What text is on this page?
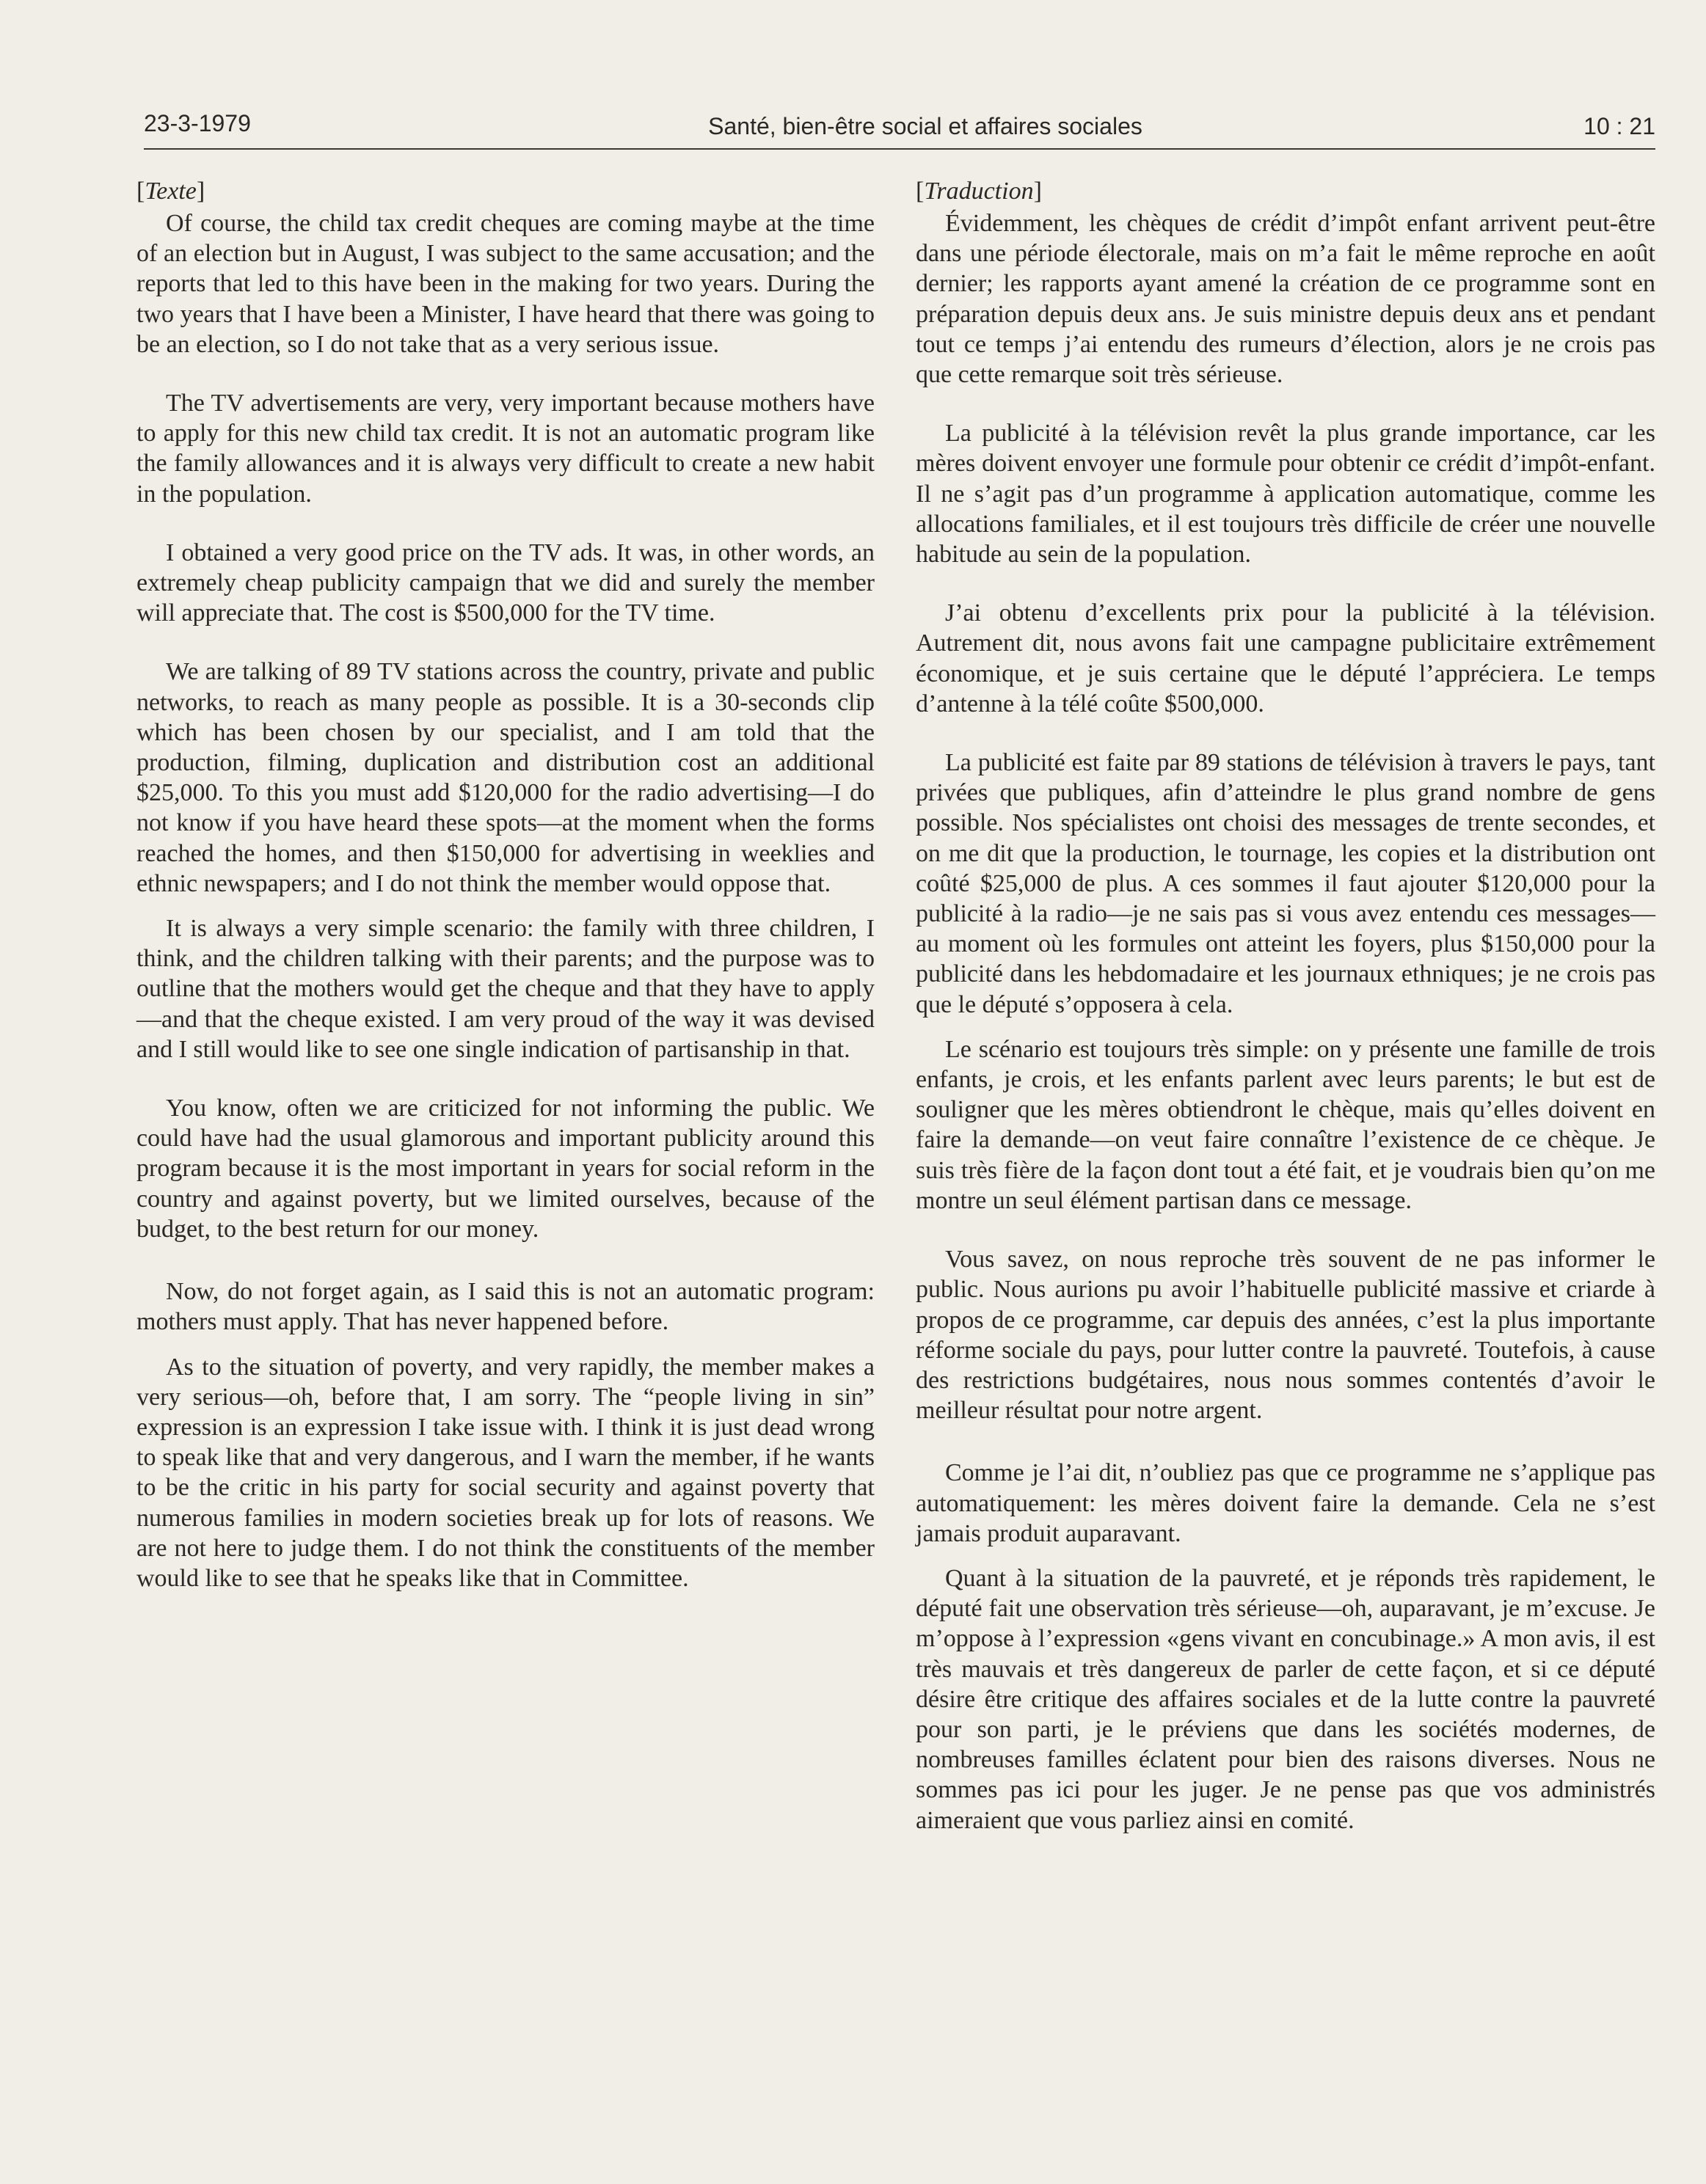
23-3-1979	Santé, bien-être social et affaires sociales	10 : 21
[Texte]

Of course, the child tax credit cheques are coming maybe at the time of an election but in August, I was subject to the same accusation; and the reports that led to this have been in the making for two years. During the two years that I have been a Minister, I have heard that there was going to be an election, so I do not take that as a very serious issue.

The TV advertisements are very, very important because mothers have to apply for this new child tax credit. It is not an automatic program like the family allowances and it is always very difficult to create a new habit in the population.

I obtained a very good price on the TV ads. It was, in other words, an extremely cheap publicity campaign that we did and surely the member will appreciate that. The cost is $500,000 for the TV time.

We are talking of 89 TV stations across the country, private and public networks, to reach as many people as possible. It is a 30-seconds clip which has been chosen by our specialist, and I am told that the production, filming, duplication and distribution cost an additional $25,000. To this you must add $120,000 for the radio advertising—I do not know if you have heard these spots—at the moment when the forms reached the homes, and then $150,000 for advertising in weeklies and ethnic newspapers; and I do not think the member would oppose that.

It is always a very simple scenario: the family with three children, I think, and the children talking with their parents; and the purpose was to outline that the mothers would get the cheque and that they have to apply—and that the cheque existed. I am very proud of the way it was devised and I still would like to see one single indication of partisanship in that.

You know, often we are criticized for not informing the public. We could have had the usual glamorous and important publicity around this program because it is the most important in years for social reform in the country and against poverty, but we limited ourselves, because of the budget, to the best return for our money.

Now, do not forget again, as I said this is not an automatic program: mothers must apply. That has never happened before.

As to the situation of poverty, and very rapidly, the member makes a very serious—oh, before that, I am sorry. The “people living in sin” expression is an expression I take issue with. I think it is just dead wrong to speak like that and very dangerous, and I warn the member, if he wants to be the critic in his party for social security and against poverty that numerous families in modern societies break up for lots of reasons. We are not here to judge them. I do not think the constituents of the member would like to see that he speaks like that in Committee.

[Traduction]

Évidemment, les chèques de crédit d’impôt enfant arrivent peut-être dans une période électorale, mais on m’a fait le même reproche en août dernier; les rapports ayant amené la création de ce programme sont en préparation depuis deux ans. Je suis ministre depuis deux ans et pendant tout ce temps j’ai entendu des rumeurs d’élection, alors je ne crois pas que cette remarque soit très sérieuse.

La publicité à la télévision revêt la plus grande importance, car les mères doivent envoyer une formule pour obtenir ce crédit d’impôt-enfant. Il ne s’agit pas d’un programme à application automatique, comme les allocations familiales, et il est toujours très difficile de créer une nouvelle habitude au sein de la population.

J’ai obtenu d’excellents prix pour la publicité à la télévision. Autrement dit, nous avons fait une campagne publicitaire extrêmement économique, et je suis certaine que le député l’appréciera. Le temps d’antenne à la télé coûte $500,000.

La publicité est faite par 89 stations de télévision à travers le pays, tant privées que publiques, afin d’atteindre le plus grand nombre de gens possible. Nos spécialistes ont choisi des messages de trente secondes, et on me dit que la production, le tournage, les copies et la distribution ont coûté $25,000 de plus. A ces sommes il faut ajouter $120,000 pour la publicité à la radio—je ne sais pas si vous avez entendu ces messages—au moment où les formules ont atteint les foyers, plus $150,000 pour la publicité dans les hebdomadaire et les journaux ethniques; je ne crois pas que le député s’opposera à cela.

Le scénario est toujours très simple: on y présente une famille de trois enfants, je crois, et les enfants parlent avec leurs parents; le but est de souligner que les mères obtiendront le chèque, mais qu’elles doivent en faire la demande—on veut faire connaître l’existence de ce chèque. Je suis très fière de la façon dont tout a été fait, et je voudrais bien qu’on me montre un seul élément partisan dans ce message.

Vous savez, on nous reproche très souvent de ne pas informer le public. Nous aurions pu avoir l’habituelle publicité massive et criarde à propos de ce programme, car depuis des années, c’est la plus importante réforme sociale du pays, pour lutter contre la pauvreté. Toutefois, à cause des restrictions budgétaires, nous nous sommes contentés d’avoir le meilleur résultat pour notre argent.

Comme je l’ai dit, n’oubliez pas que ce programme ne s’applique pas automatiquement: les mères doivent faire la demande. Cela ne s’est jamais produit auparavant.

Quant à la situation de la pauvreté, et je réponds très rapidement, le député fait une observation très sérieuse—oh, auparavant, je m’excuse. Je m’oppose à l’expression «gens vivant en concubinage.» A mon avis, il est très mauvais et très dangereux de parler de cette façon, et si ce député désire être critique des affaires sociales et de la lutte contre la pauvreté pour son parti, je le préviens que dans les sociétés modernes, de nombreuses familles éclatent pour bien des raisons diverses. Nous ne sommes pas ici pour les juger. Je ne pense pas que vos administrés aimeraient que vous parliez ainsi en comité.
